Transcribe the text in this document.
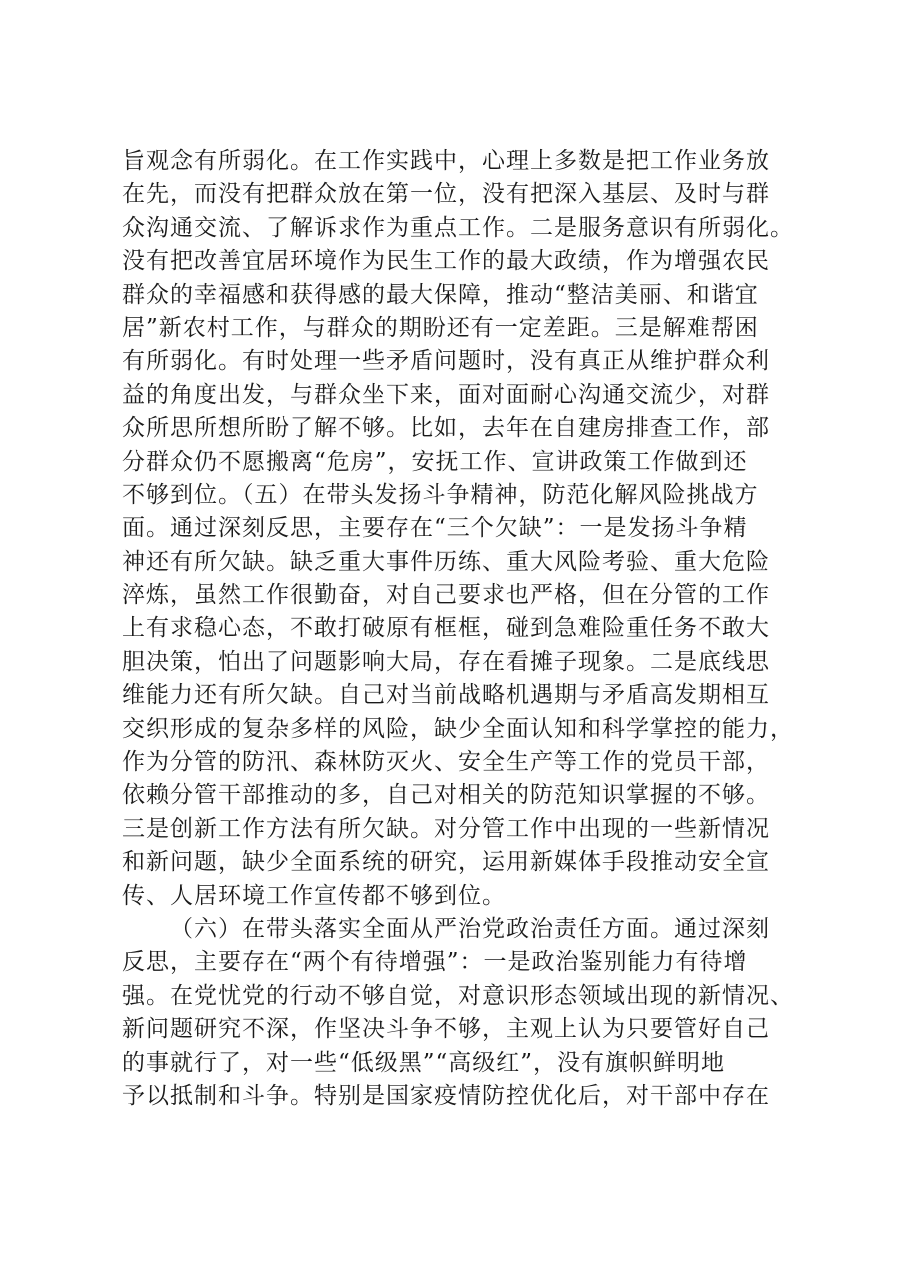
旨观念有所弱化。在工作实践中，心理上多数是把工作业务放
在先，而没有把群众放在第一位，没有把深入基层、及时与群
众沟通交流、了解诉求作为重点工作。二是服务意识有所弱化。
没有把改善宜居环境作为民生工作的最大政绩，作为增强农民
群众的幸福感和获得感的最大保障，推动“整洁美丽、和谐宜
居”新农村工作，与群众的期盼还有一定差距。三是解难帮困
有所弱化。有时处理一些矛盾问题时，没有真正从维护群众利
益的角度出发，与群众坐下来，面对面耐心沟通交流少，对群
众所思所想所盼了解不够。比如，去年在自建房排查工作，部
分群众仍不愿搬离“危房”，安抚工作、宣讲政策工作做到还
不够到位。（五）在带头发扬斗争精神，防范化解风险挑战方
面。通过深刻反思，主要存在“三个欠缺”：一是发扬斗争精
神还有所欠缺。缺乏重大事件历练、重大风险考验、重大危险
淬炼，虽然工作很勤奋，对自己要求也严格，但在分管的工作
上有求稳心态，不敢打破原有框框，碰到急难险重任务不敢大
胆决策，怕出了问题影响大局，存在看摊子现象。二是底线思
维能力还有所欠缺。自己对当前战略机遇期与矛盾高发期相互
交织形成的复杂多样的风险，缺少全面认知和科学掌控的能力，
作为分管的防汛、森林防灭火、安全生产等工作的党员干部，
依赖分管干部推动的多，自己对相关的防范知识掌握的不够。
三是创新工作方法有所欠缺。对分管工作中出现的一些新情况
和新问题，缺少全面系统的研究，运用新媒体手段推动安全宣
传、人居环境工作宣传都不够到位。
（六）在带头落实全面从严治党政治责任方面。通过深刻
反思，主要存在“两个有待增强”：一是政治鉴别能力有待增
强。在党忧党的行动不够自觉，对意识形态领域出现的新情况、
新问题研究不深，作坚决斗争不够，主观上认为只要管好自己
的事就行了，对一些“低级黑”“高级红”，没有旗帜鲜明地
予以抵制和斗争。特别是国家疫情防控优化后，对干部中存在
